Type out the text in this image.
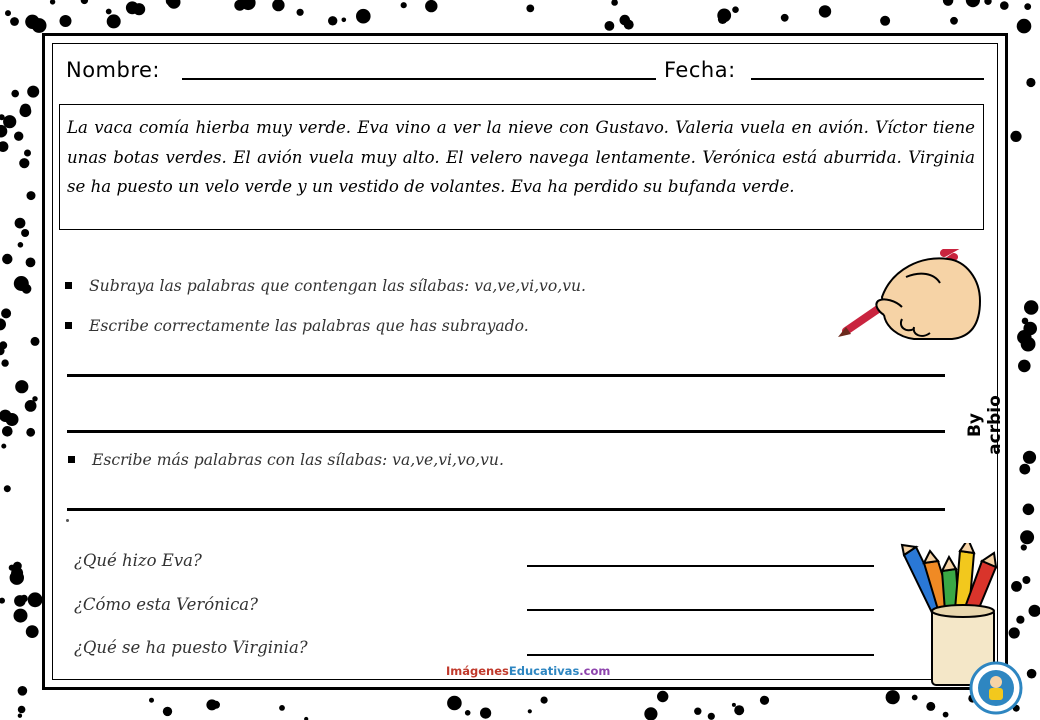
Nombre:	Fecha:
La vaca comía hierba muy verde. Eva vino a ver la nieve con Gustavo. Valeria vuela en avión. Víctor tiene unas botas verdes. El avión vuela muy alto. El velero navega lentamente. Verónica está aburrida. Virginia se ha puesto un velo verde y un vestido de volantes. Eva ha perdido su bufanda verde.
Subraya las palabras que contengan las sílabas: va,ve,vi,vo,vu.
Escribe correctamente las palabras que has subrayado.
Escribe más palabras con las sílabas: va,ve,vi,vo,vu.
¿Qué hizo Eva?
¿Cómo esta Verónica?
¿Qué se ha puesto Virginia?
By acrbio
ImágenesEducativas.com
